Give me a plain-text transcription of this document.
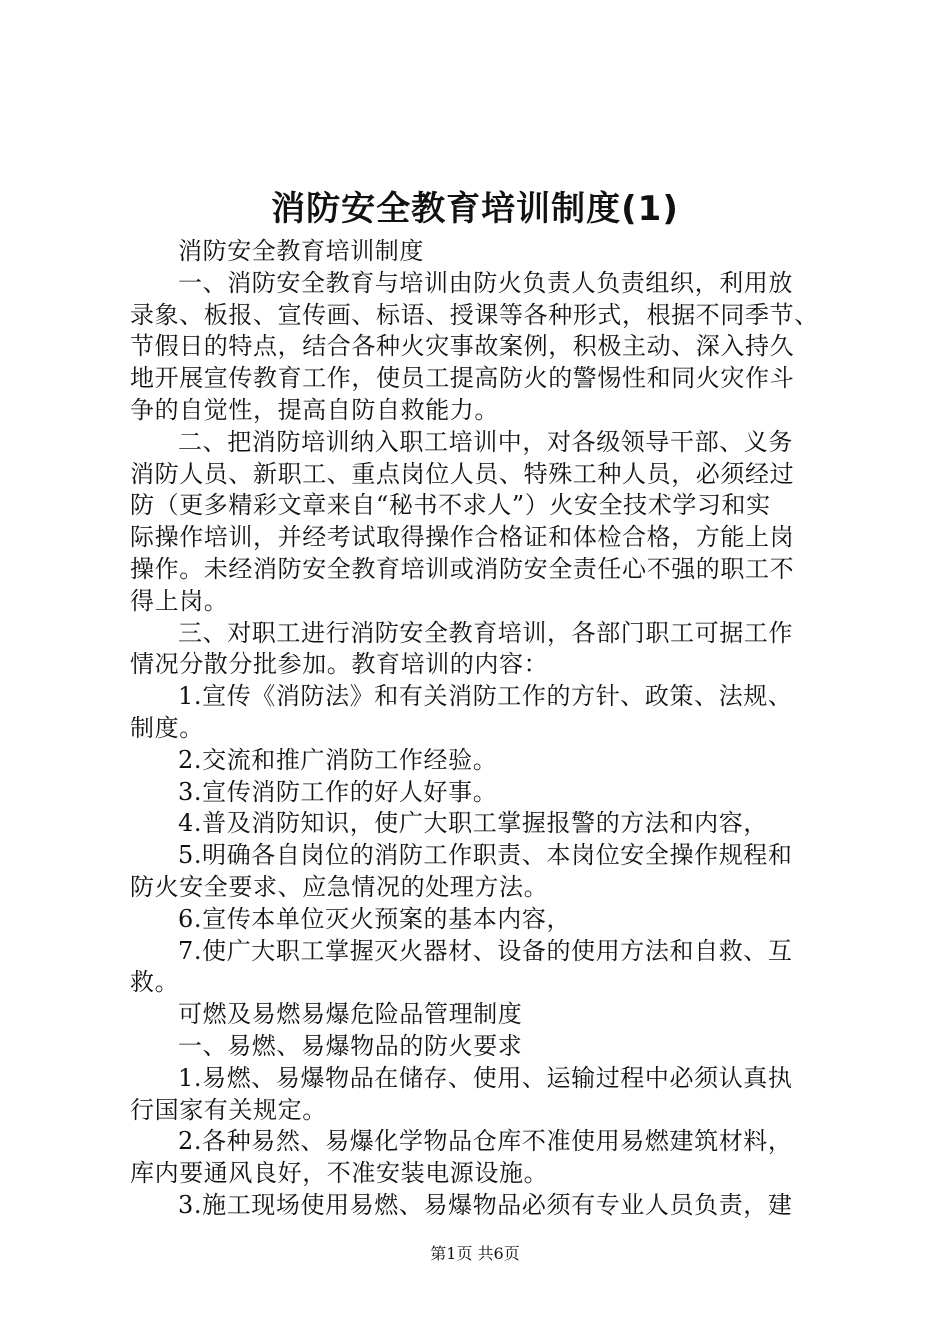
消防安全教育培训制度(1)
消防安全教育培训制度
一、消防安全教育与培训由防火负责人负责组织，利用放
录象、板报、宣传画、标语、授课等各种形式，根据不同季节、
节假日的特点，结合各种火灾事故案例，积极主动、深入持久
地开展宣传教育工作，使员工提高防火的警惕性和同火灾作斗
争的自觉性，提高自防自救能力。
二、把消防培训纳入职工培训中，对各级领导干部、义务
消防人员、新职工、重点岗位人员、特殊工种人员，必须经过
防（更多精彩文章来自“秘书不求人”）火安全技术学习和实
际操作培训，并经考试取得操作合格证和体检合格，方能上岗
操作。未经消防安全教育培训或消防安全责任心不强的职工不
得上岗。
三、对职工进行消防安全教育培训，各部门职工可据工作
情况分散分批参加。教育培训的内容：
1.宣传《消防法》和有关消防工作的方针、政策、法规、
制度。
2.交流和推广消防工作经验。
3.宣传消防工作的好人好事。
4.普及消防知识，使广大职工掌握报警的方法和内容，
5.明确各自岗位的消防工作职责、本岗位安全操作规程和
防火安全要求、应急情况的处理方法。
6.宣传本单位灭火预案的基本内容，
7.使广大职工掌握灭火器材、设备的使用方法和自救、互
救。
可燃及易燃易爆危险品管理制度
一、易燃、易爆物品的防火要求
1.易燃、易爆物品在储存、使用、运输过程中必须认真执
行国家有关规定。
2.各种易然、易爆化学物品仓库不准使用易燃建筑材料，
库内要通风良好，不准安装电源设施。
3.施工现场使用易燃、易爆物品必须有专业人员负责，建
第1页 共6页
